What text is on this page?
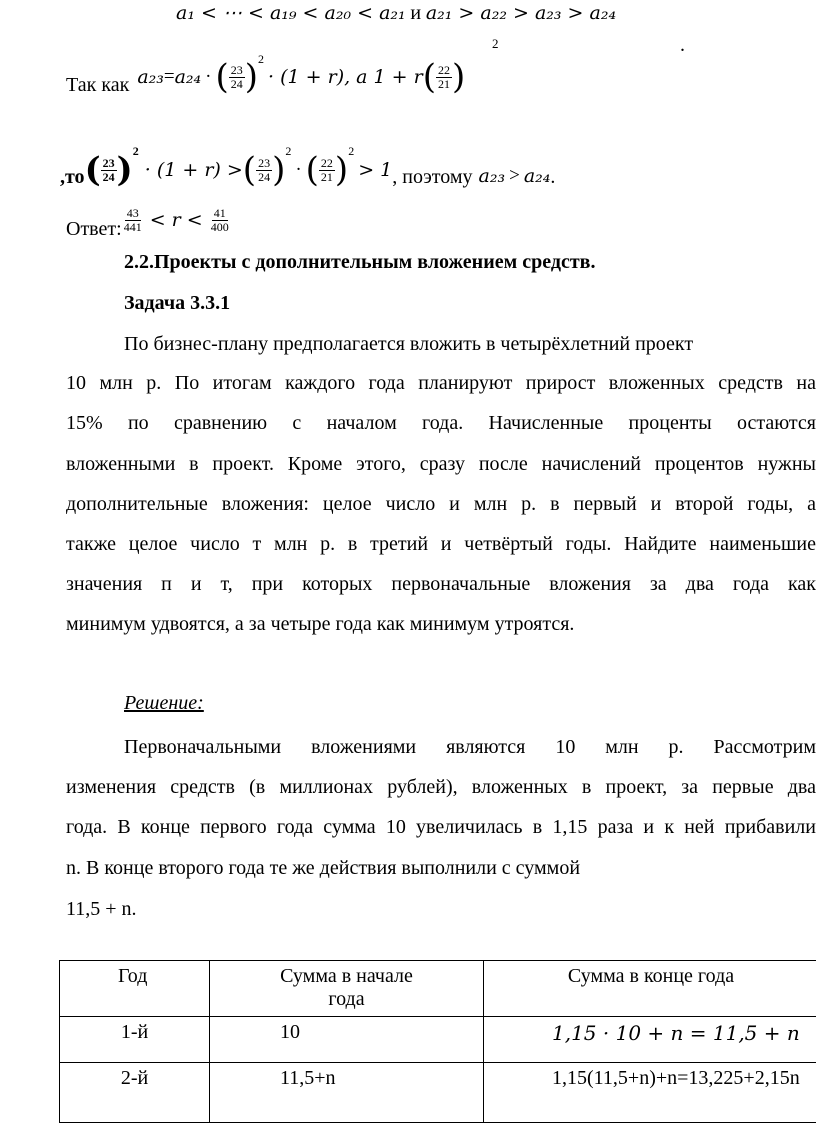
a₁ < ⋯ < a₁₉ < a₂₀ < a₂₁ и a₂₁ > a₂₂ > a₂₃ > a₂₄
2	.
Так как a₂₃ = a₂₄ · ( $\frac{23}{24} )^2$
· (1 + r), а 1 + r ( $\frac{22}{21}$ )
,то ( $\frac{23}{24} )^2$
· (1 + r) > ( $\frac{23}{24} )^2$
· ( $\frac{22}{21} )^2$
> 1 , поэтому a₂₃ > a₂₄ .
Ответ: $\frac{43}{441} < r < \frac{41}{400}$
2.2.Проекты с дополнительным вложением средств.
Задача 3.3.1
По бизнес-плану предполагается вложить в четырёхлетний проект
10 млн р. По итогам каждого года планируют прирост вложенных средств на
15% по сравнению с началом года. Начисленные проценты остаются
вложенными в проект. Кроме этого, сразу после начислений процентов нужны
дополнительные вложения: целое число и млн р. в первый и второй годы, а
также целое число т млн р. в третий и четвёртый годы. Найдите наименьшие
значения п и т, при которых первоначальные вложения за два года как
минимум удвоятся, а за четыре года как минимум утроятся.
Решение:
Первоначальными вложениями являются 10 млн р. Рассмотрим
изменения средств (в миллионах рублей), вложенных в проект, за первые два
года. В конце первого года сумма 10 увеличилась в 1,15 раза и к ней прибавили
n. В конце второго года те же действия выполнили с суммой
11,5 + n.
Год	Сумма в начале года	Сумма в конце года
1-й	10	1,15 · 10 + n = 11,5 + n
2-й	11,5+n	1,15(11,5+n)+n=13,225+2,15n
